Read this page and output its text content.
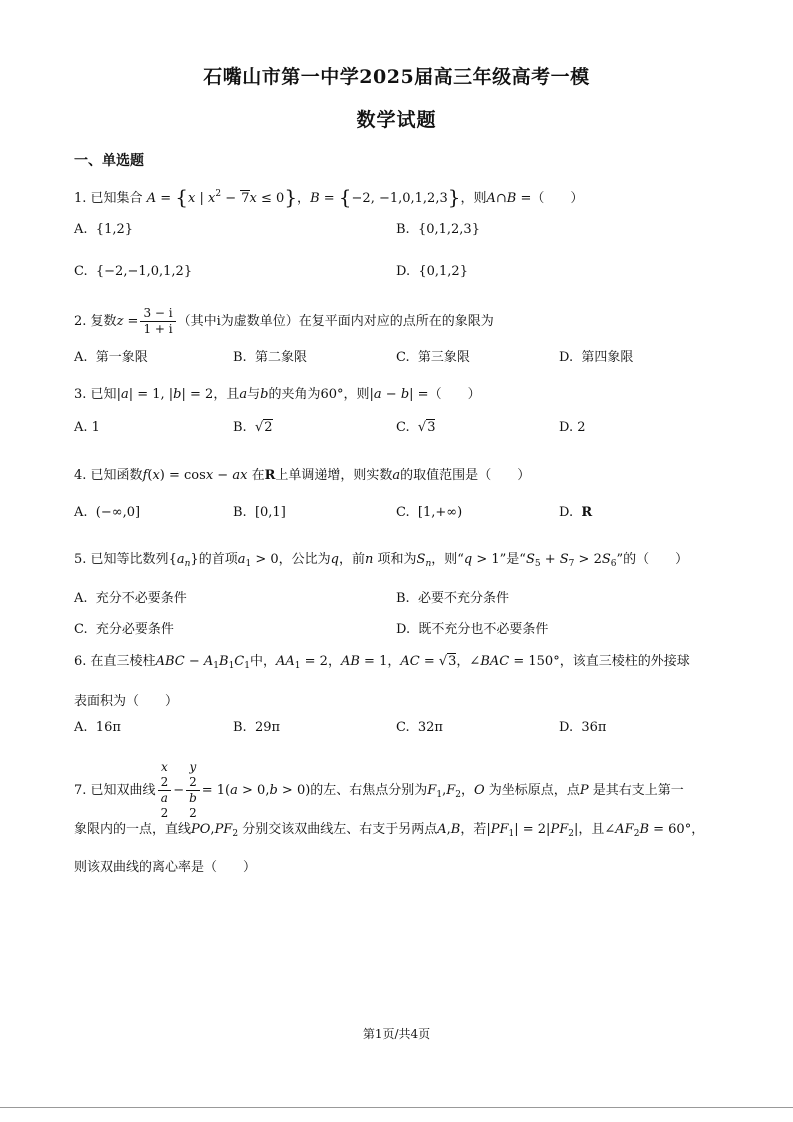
石嘴山市第一中学2025届高三年级高考一模
数学试题
一、单选题
1. 已知集合 A = {x | $x^2 - 7x \le 0$}，B = {−2, −1,0,1,2,3}，则A∩B =（　　）
A. {1,2}	B. {0,1,2,3}
C. {−2,−1,0,1,2}	D. {0,1,2}
2. 复数$z = \frac{3 - i}{1 + i}$ （其中i为虚数单位）在复平面内对应的点所在的象限为
A. 第一象限	B. 第二象限	C. 第三象限	D. 第四象限
3. 已知|a| = 1, |b| = 2，且a与b的夹角为60°，则|a − b| =（　　）
A. 1	B.  √2	C.  √3	D. 2
4. 已知函数f(x) = cosx − ax 在R上单调递增，则实数a的取值范围是（　　）
A. (−∞,0]	B. [0,1]	C. [1,+∞)	D. R
5. 已知等比数列$\{a_n\}$的首项$a_1 > 0$，公比为q，前n 项和为$S_n$，则“q > 1”是“$S_5 + S_7 > 2S_6$”的（　　）
A. 充分不必要条件	B. 必要不充分条件
C. 充分必要条件	D. 既不充分也不必要条件
6. 在直三棱柱ABC − $A_1B_1C_1$中，$AA_1 = 2$，AB = 1，AC = √3，∠BAC = 150°，该直三棱柱的外接球
表面积为（　　）
A. 16π	B. 29π	C. 32π	D. 36π
7. 已知双曲线 x
2
a
2 − y
2
b
2 = 1(a > 0,b > 0)的左、右焦点分别为$F_1,F_2$，O 为坐标原点，点P 是其右支上第一
象限内的一点，直线$PO,PF_2$ 分别交该双曲线左、右支于另两点A,B，若$|PF_1| = 2|PF_2|$，且$\angle AF_2B = 60^\circ$，
则该双曲线的离心率是（　　）
第1页/共4页
